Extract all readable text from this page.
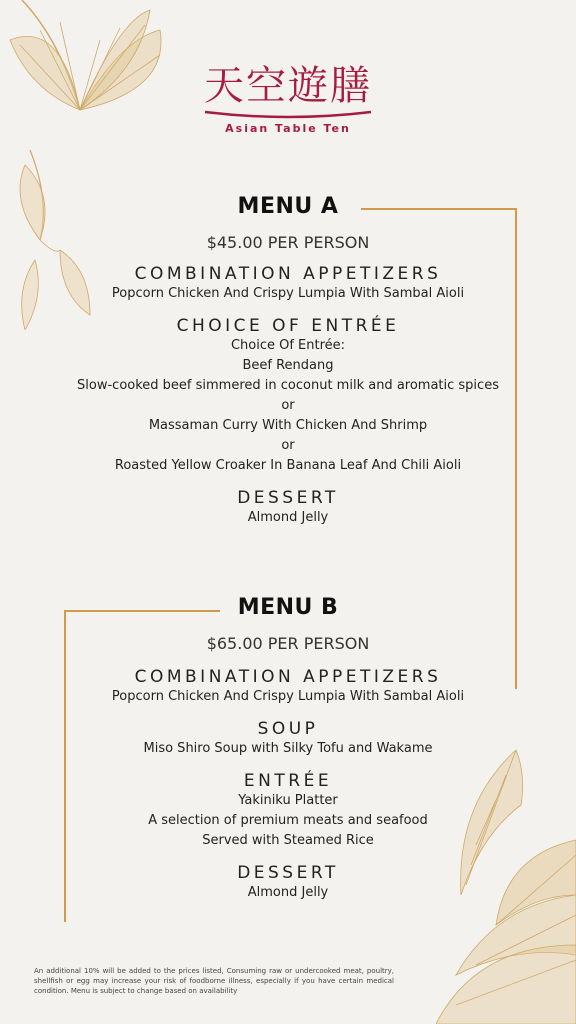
天空遊膳
Asian Table Ten
MENU A
$45.00 PER PERSON
COMBINATION APPETIZERS
Popcorn Chicken And Crispy Lumpia With Sambal Aioli
CHOICE OF ENTRÉE
Choice Of Entrée:
Beef Rendang
Slow-cooked beef simmered in coconut milk and aromatic spices
or
Massaman Curry With Chicken And Shrimp
or
Roasted Yellow Croaker In Banana Leaf And Chili Aioli
DESSERT
Almond Jelly
MENU B
$65.00 PER PERSON
COMBINATION APPETIZERS
Popcorn Chicken And Crispy Lumpia With Sambal Aioli
SOUP
Miso Shiro Soup with Silky Tofu and Wakame
ENTRÉE
Yakiniku Platter
A selection of premium meats and seafood
Served with Steamed Rice
DESSERT
Almond Jelly
An additional 10% will be added to the prices listed, Consuming raw or undercooked meat, poultry, shellfish or egg may increase your risk of foodborne illness, especially if you have certain medical condition. Menu is subject to change based on availability
